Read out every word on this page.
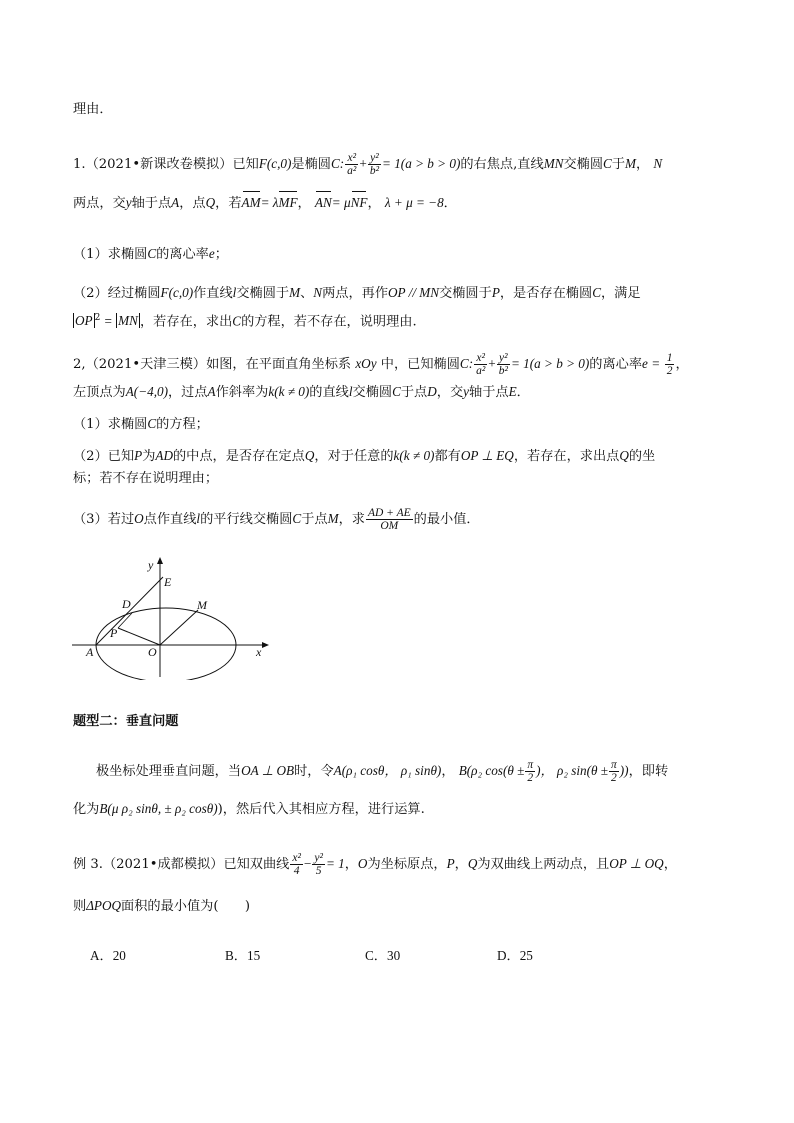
理由．
1.（2021•新课改卷模拟）已知F(c,0)是椭圆C: $\frac{\text{x²}}{\text{a²}} + \frac{\text{y²}}{\text{b²}} = 1(a > b > 0)$的右焦点,直线MN交椭圆C于M， N
两点，交y轴于点A，点Q，若AM= λMF， AN= μNF， λ + μ = −8．
（1）求椭圆C的离心率e；
（2）经过椭圆F(c,0)作直线l交椭圆于M、N两点，再作OP // MN交椭圆于P，是否存在椭圆C，满足
OP $^2$ = MN ，若存在，求出C的方程，若不存在，说明理由.
2,（2021•天津三模）如图，在平面直角坐标系 xOy 中，已知椭圆C: $\frac{\text{x²}}{\text{a²}} + \frac{\text{y²}}{\text{b²}} = 1(a > b > 0)$的离心率$e = \frac{1}{2}$ ，
左顶点为A(−4,0)，过点A作斜率为k(k ≠ 0)的直线l交椭圆C于点D，交y轴于点E．
（1）求椭圆C的方程；
（2）已知P为AD的中点，是否存在定点Q，对于任意的k(k ≠ 0)都有OP ⊥ EQ，若存在，求出点Q的坐
标；若不存在说明理由；
（3）若过O点作直线l的平行线交椭圆C于点M，求 $\frac{AD + AE}{OM}$ 的最小值．
y
x
E
D	M
P
A	O
题型二：垂直问题
极坐标处理垂直问题，当OA ⊥ OB时，令A(ρ₁ cosθ， ρ₁ sinθ)， B(ρ₂ $\cos(\theta \pm \frac{\pi}{2}$ )， ρ₂ $\sin(\theta \pm \frac{\pi}{2}$ ))，即转
化为B(μ ρ₂ sinθ, ± ρ₂ cosθ))，然后代入其相应方程，进行运算.
例 3.（2021•成都模拟）已知双曲线 $\frac{\text{x²}}{4} - \frac{\text{y²}}{5} = 1$，O为坐标原点，P，Q为双曲线上两动点，且OP ⊥ OQ，
则ΔPOQ面积的最小值为(　　)
A．20	B．15	C．30	D．25
